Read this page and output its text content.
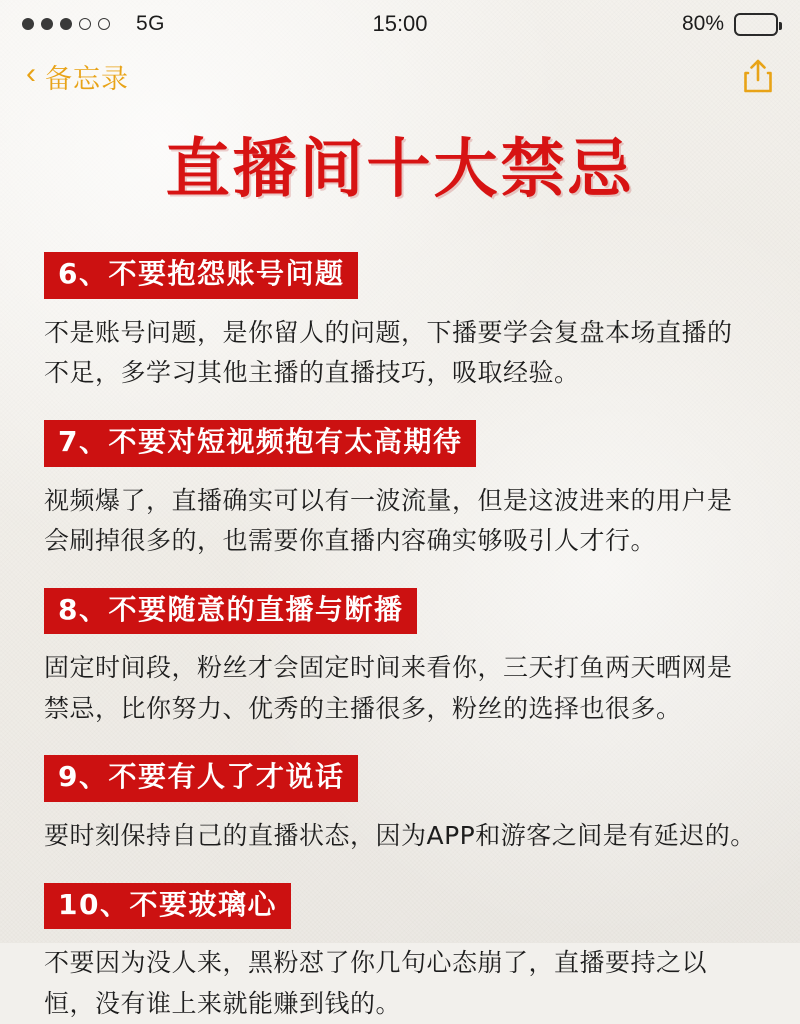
5G	15:00	80%
‹ 备忘录
直播间十大禁忌
6、不要抱怨账号问题
不是账号问题，是你留人的问题，下播要学会复盘本场直播的不足，多学习其他主播的直播技巧，吸取经验。
7、不要对短视频抱有太高期待
视频爆了，直播确实可以有一波流量，但是这波进来的用户是会刷掉很多的，也需要你直播内容确实够吸引人才行。
8、不要随意的直播与断播
固定时间段，粉丝才会固定时间来看你，三天打鱼两天晒网是禁忌，比你努力、优秀的主播很多，粉丝的选择也很多。
9、不要有人了才说话
要时刻保持自己的直播状态，因为APP和游客之间是有延迟的。
10、不要玻璃心
不要因为没人来，黑粉怼了你几句心态崩了，直播要持之以恒，没有谁上来就能赚到钱的。
